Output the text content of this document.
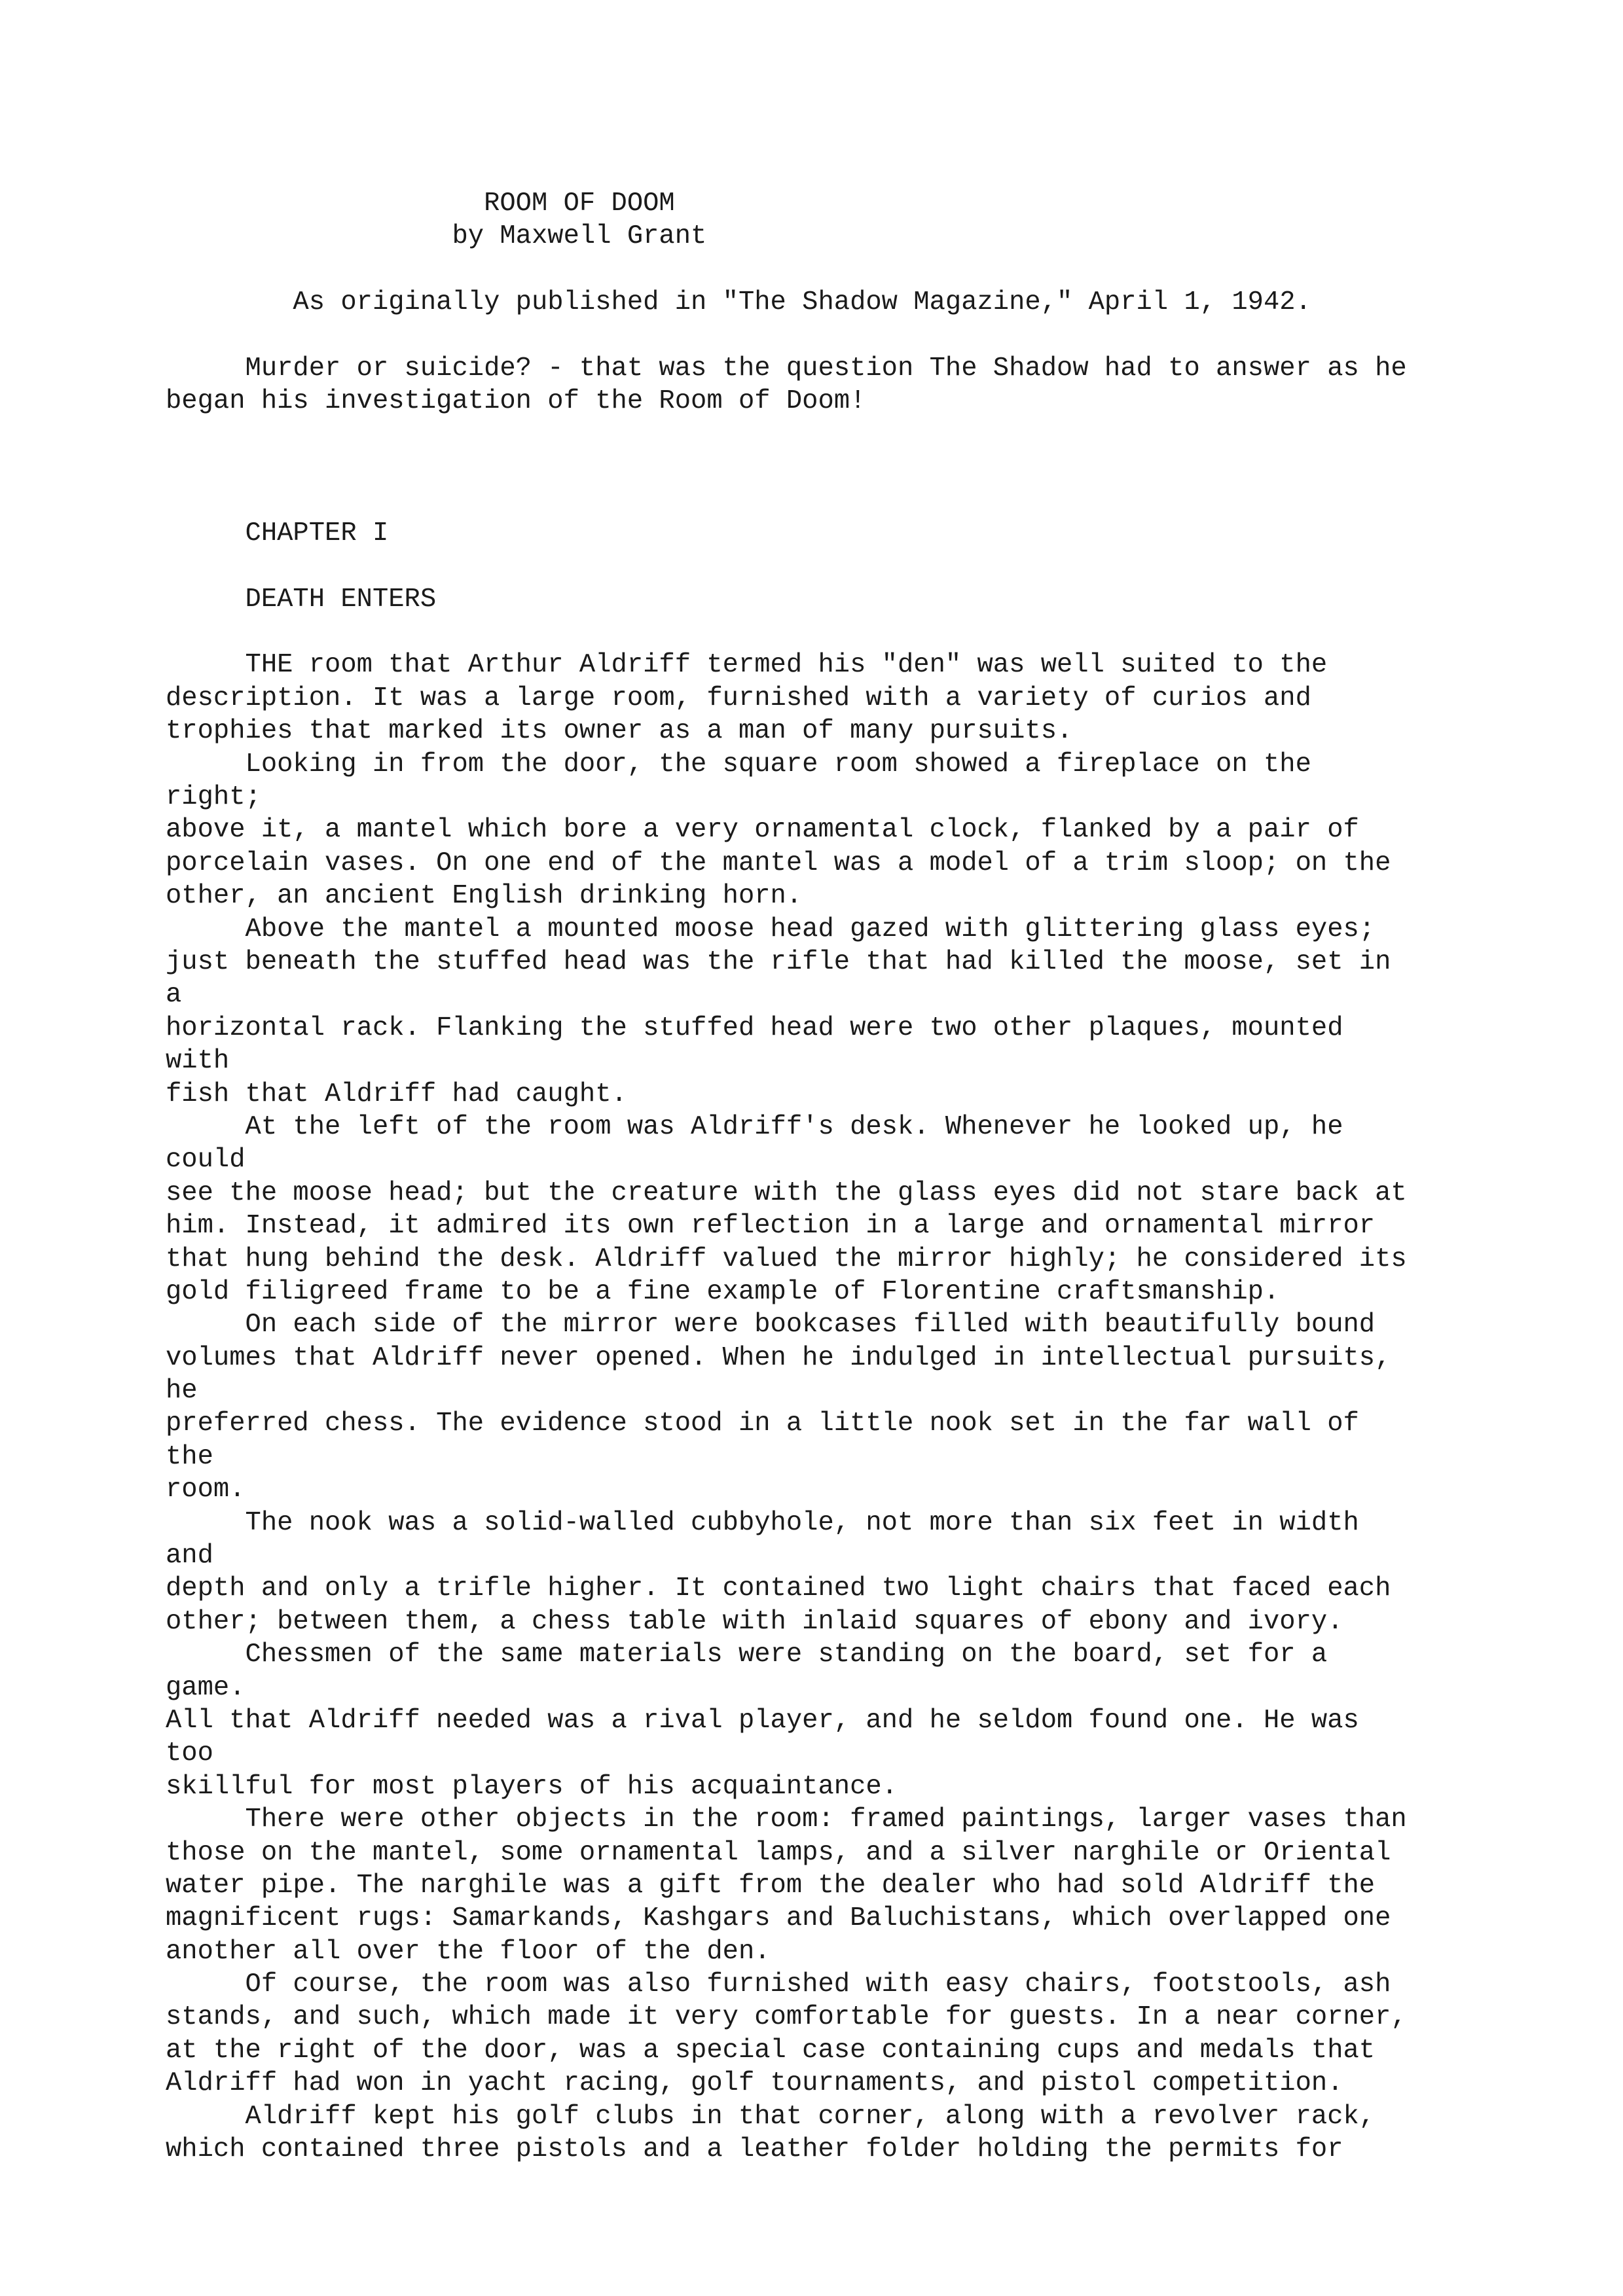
ROOM OF DOOM
by Maxwell Grant
As originally published in "The Shadow Magazine," April 1, 1942.
Murder or suicide? - that was the question The Shadow had to answer as he
began his investigation of the Room of Doom!
CHAPTER I
DEATH ENTERS
THE room that Arthur Aldriff termed his "den" was well suited to the
description. It was a large room, furnished with a variety of curios and
trophies that marked its owner as a man of many pursuits.
Looking in from the door, the square room showed a fireplace on the
right;
above it, a mantel which bore a very ornamental clock, flanked by a pair of
porcelain vases. On one end of the mantel was a model of a trim sloop; on the
other, an ancient English drinking horn.
Above the mantel a mounted moose head gazed with glittering glass eyes;
just beneath the stuffed head was the rifle that had killed the moose, set in
a
horizontal rack. Flanking the stuffed head were two other plaques, mounted
with
fish that Aldriff had caught.
At the left of the room was Aldriff's desk. Whenever he looked up, he
could
see the moose head; but the creature with the glass eyes did not stare back at
him. Instead, it admired its own reflection in a large and ornamental mirror
that hung behind the desk. Aldriff valued the mirror highly; he considered its
gold filigreed frame to be a fine example of Florentine craftsmanship.
On each side of the mirror were bookcases filled with beautifully bound
volumes that Aldriff never opened. When he indulged in intellectual pursuits,
he
preferred chess. The evidence stood in a little nook set in the far wall of
the
room.
The nook was a solid-walled cubbyhole, not more than six feet in width
and
depth and only a trifle higher. It contained two light chairs that faced each
other; between them, a chess table with inlaid squares of ebony and ivory.
Chessmen of the same materials were standing on the board, set for a
game.
All that Aldriff needed was a rival player, and he seldom found one. He was
too
skillful for most players of his acquaintance.
There were other objects in the room: framed paintings, larger vases than
those on the mantel, some ornamental lamps, and a silver narghile or Oriental
water pipe. The narghile was a gift from the dealer who had sold Aldriff the
magnificent rugs: Samarkands, Kashgars and Baluchistans, which overlapped one
another all over the floor of the den.
Of course, the room was also furnished with easy chairs, footstools, ash
stands, and such, which made it very comfortable for guests. In a near corner,
at the right of the door, was a special case containing cups and medals that
Aldriff had won in yacht racing, golf tournaments, and pistol competition.
Aldriff kept his golf clubs in that corner, along with a revolver rack,
which contained three pistols and a leather folder holding the permits for
